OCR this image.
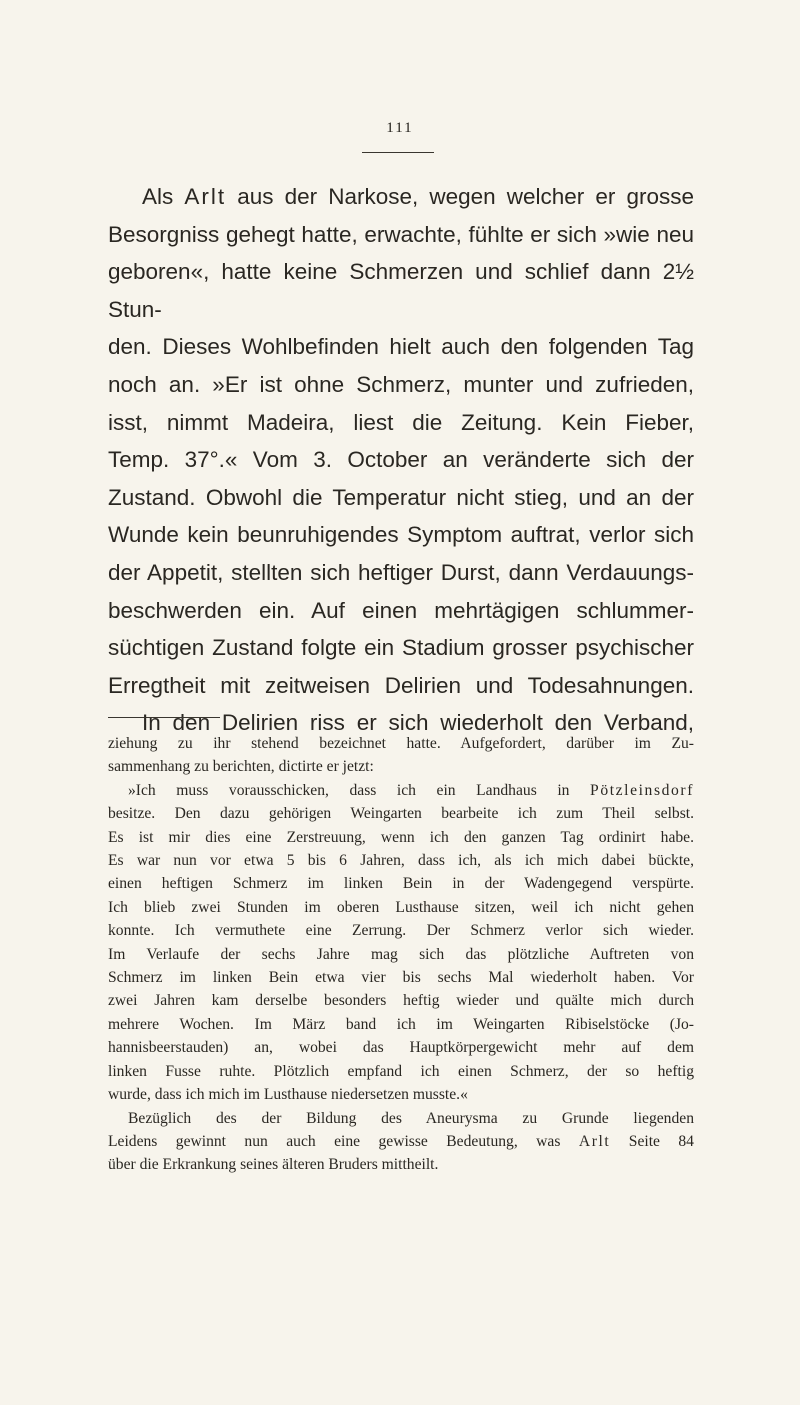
111

Als Arlt aus der Narkose, wegen welcher er grosse

Besorgniss gehegt hatte, erwachte, fühlte er sich »wie neu

geboren«, hatte keine Schmerzen und schlief dann 2½ Stun-

den. Dieses Wohlbefinden hielt auch den folgenden Tag

noch an. »Er ist ohne Schmerz, munter und zufrieden,

isst, nimmt Madeira, liest die Zeitung. Kein Fieber,

Temp. 37°.« Vom 3. October an veränderte sich der

Zustand. Obwohl die Temperatur nicht stieg, und an der

Wunde kein beunruhigendes Symptom auftrat, verlor sich

der Appetit, stellten sich heftiger Durst, dann Verdauungs-

beschwerden ein. Auf einen mehrtägigen schlummer-

süchtigen Zustand folgte ein Stadium grosser psychischer

Erregtheit mit zeitweisen Delirien und Todesahnungen.

In den Delirien riss er sich wiederholt den Verband,

ziehung zu ihr stehend bezeichnet hatte. Aufgefordert, darüber im Zu-

sammenhang zu berichten, dictirte er jetzt:

»Ich muss vorausschicken, dass ich ein Landhaus in Pötzleinsdorf

besitze. Den dazu gehörigen Weingarten bearbeite ich zum Theil selbst.

Es ist mir dies eine Zerstreuung, wenn ich den ganzen Tag ordinirt habe.

Es war nun vor etwa 5 bis 6 Jahren, dass ich, als ich mich dabei bückte,

einen heftigen Schmerz im linken Bein in der Wadengegend verspürte.

Ich blieb zwei Stunden im oberen Lusthause sitzen, weil ich nicht gehen

konnte. Ich vermuthete eine Zerrung. Der Schmerz verlor sich wieder.

Im Verlaufe der sechs Jahre mag sich das plötzliche Auftreten von

Schmerz im linken Bein etwa vier bis sechs Mal wiederholt haben. Vor

zwei Jahren kam derselbe besonders heftig wieder und quälte mich durch

mehrere Wochen. Im März band ich im Weingarten Ribiselstöcke (Jo-

hannisbeerstauden) an, wobei das Hauptkörpergewicht mehr auf dem

linken Fusse ruhte. Plötzlich empfand ich einen Schmerz, der so heftig

wurde, dass ich mich im Lusthause niedersetzen musste.«

Bezüglich des der Bildung des Aneurysma zu Grunde liegenden

Leidens gewinnt nun auch eine gewisse Bedeutung, was Arlt Seite 84

über die Erkrankung seines älteren Bruders mittheilt.
